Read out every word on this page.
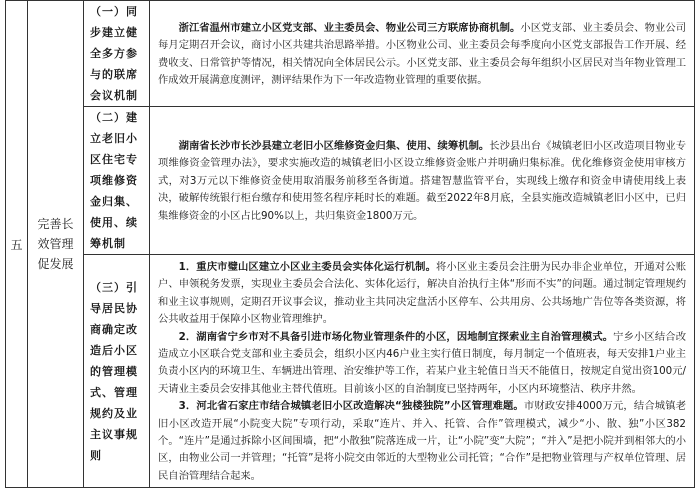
五	完善长效管理促发展	（一）同步建立健全多方参与的联席会议机制	浙江省温州市建立小区党支部、业主委员会、物业公司三方联席协商机制。小区党支部、业主委员会、物业公司每月定期召开会议，商讨小区共建共治思路举措。小区物业公司、业主委员会每季度向小区党支部报告工作开展、经费收支、日常管护等情况，相关情况向全体居民公示。小区党支部、业主委员会每年组织小区居民对当年物业管理工作成效开展满意度测评，测评结果作为下一年改造物业管理的重要依据。

		（二）建立老旧小区住宅专项维修资金归集、使用、续筹机制	湖南省长沙市长沙县建立老旧小区维修资金归集、使用、续筹机制。长沙县出台《城镇老旧小区改造项目物业专项维修资金管理办法》，要求实施改造的城镇老旧小区设立维修资金账户并明确归集标准。优化维修资金使用审核方式，对3万元以下维修资金使用取消服务前移至各街道。搭建智慧监管平台，实现线上缴存和资金申请使用线上表决，破解传统银行柜台缴存和使用签名程序耗时长的难题。截至2022年8月底，全县实施改造城镇老旧小区中，已归集维修资金的小区占比90%以上，共归集资金1800万元。

		（三）引导居民协商确定改造后小区的管理模式、管理规约及业主议事规则	1．重庆市璧山区建立小区业主委员会实体化运行机制。将小区业主委员会注册为民办非企业单位，开通对公账户、申领税务发票，实现业主委员会合法化、实体化运行，解决自治执行主体“形而不实”的问题。通过制定管理规约和业主议事规则，定期召开议事会议，推动业主共同决定盘活小区停车、公共用房、公共场地广告位等各类资源，将公共收益用于保障小区物业管理维护。

2．湖南省宁乡市对不具备引进市场化物业管理条件的小区，因地制宜探索业主自治管理模式。宁乡小区结合改造成立小区联合党支部和业主委员会，组织小区内46户业主实行值日制度，每月制定一个值班表，每天安排1户业主负责小区内的环境卫生、车辆进出管理、治安维护等工作，若某户业主轮值日当天不能值日，按规定自觉出资100元/天请业主委员会安排其他业主替代值班。目前该小区的自治制度已坚持两年，小区内环境整洁、秩序井然。

3．河北省石家庄市结合城镇老旧小区改造解决“独楼独院”小区管理难题。市财政安排4000万元，结合城镇老旧小区改造开展“小院变大院”专项行动，采取“连片、并入、托管、合作”管理模式，减少“小、散、独”小区382个。“连片”是通过拆除小区间围墙，把“小散独”院落连成一片，让“小院”变“大院”；“并入”是把小院并到相邻大的小区，由物业公司一并管理；“托管”是将小院交由邻近的大型物业公司托管；“合作”是把物业管理与产权单位管理、居民自治管理结合起来。
